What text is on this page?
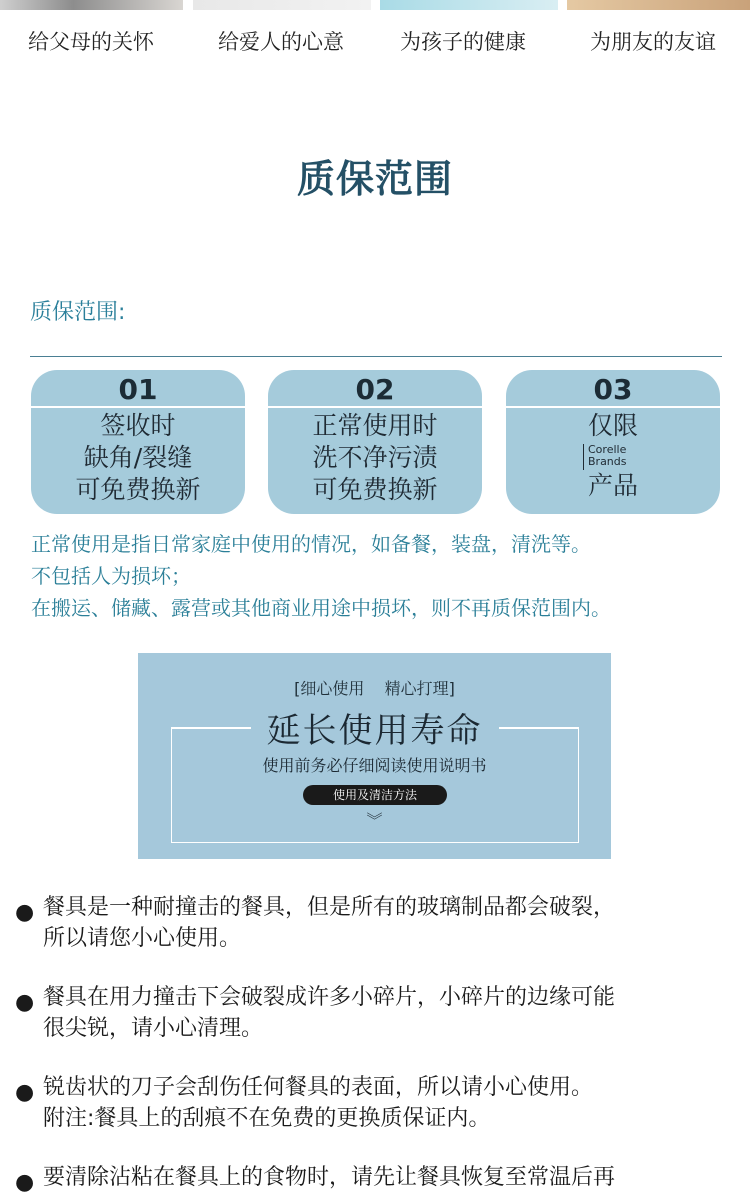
给父母的关怀	给爱人的心意	为孩子的健康	为朋友的友谊
质保范围
质保范围:
01
签收时
缺角/裂缝
可免费换新
02
正常使用时
洗不净污渍
可免费换新
03
仅限
Corelle
Brands
产品

正常使用是指日常家庭中使用的情况，如备餐，装盘，清洗等。

不包括人为损坏；

在搬运、储藏、露营或其他商业用途中损坏，则不再质保范围内。

[细心使用    精心打理]
延长使用寿命
使用前务必仔细阅读使用说明书
使用及清洁方法
︾
● 餐具是一种耐撞击的餐具，但是所有的玻璃制品都会破裂，
所以请您小心使用。
● 餐具在用力撞击下会破裂成许多小碎片，小碎片的边缘可能
很尖锐，请小心清理。
● 锐齿状的刀子会刮伤任何餐具的表面，所以请小心使用。
附注:餐具上的刮痕不在免费的更换质保证内。
● 要清除沾粘在餐具上的食物时，请先让餐具恢复至常温后再
